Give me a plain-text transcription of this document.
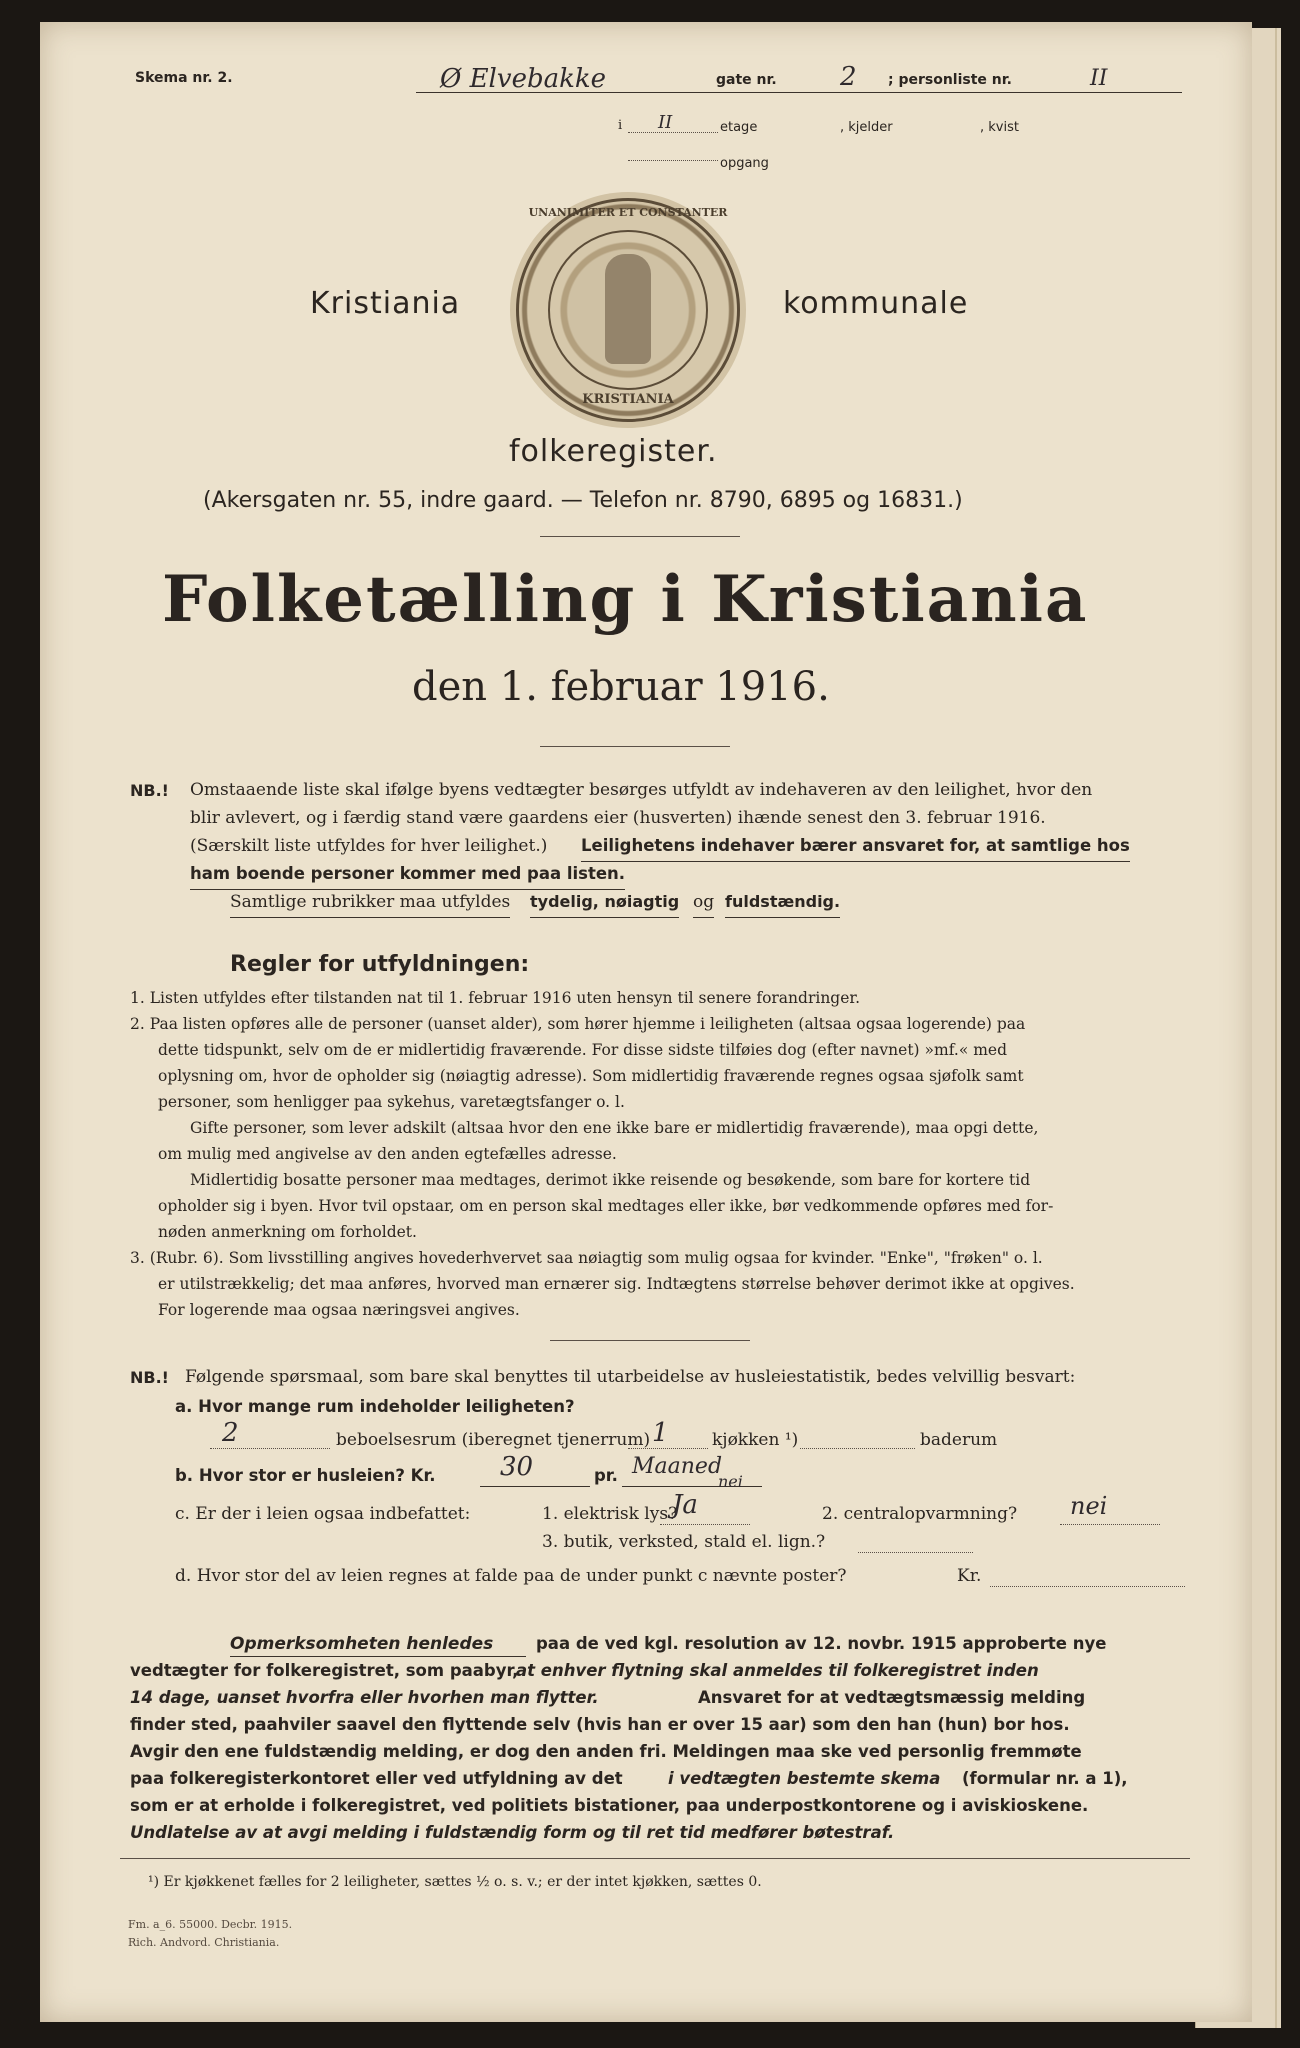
Skema nr. 2.	Ø Elvebakke	gate nr. 2 ; personliste nr.	II
i II	etage	, kjelder	, kvist
opgang
Kristiania
UNANIMITER ET CONSTANTER
KRISTIANIA
kommunale
folkeregister.
(Akersgaten nr. 55, indre gaard. — Telefon nr. 8790, 6895 og 16831.)
Folketælling i Kristiania
den 1. februar 1916.
NB.! Omstaaende liste skal ifølge byens vedtægter besørges utfyldt av indehaveren av den leilighet, hvor den
blir avlevert, og i færdig stand være gaardens eier (husverten) ihænde senest den 3. februar 1916.
(Særskilt liste utfyldes for hver leilighet.) Leilighetens indehaver bærer ansvaret for, at samtlige hos
ham boende personer kommer med paa listen.
Samtlige rubrikker maa utfyldes tydelig, nøiagtig og fuldstændig.
Regler for utfyldningen:
1. Listen utfyldes efter tilstanden nat til 1. februar 1916 uten hensyn til senere forandringer.
2. Paa listen opføres alle de personer (uanset alder), som hører hjemme i leiligheten (altsaa ogsaa logerende) paa
dette tidspunkt, selv om de er midlertidig fraværende. For disse sidste tilføies dog (efter navnet) »mf.« med
oplysning om, hvor de opholder sig (nøiagtig adresse). Som midlertidig fraværende regnes ogsaa sjøfolk samt
personer, som henligger paa sykehus, varetægtsfanger o. l.
Gifte personer, som lever adskilt (altsaa hvor den ene ikke bare er midlertidig fraværende), maa opgi dette,
om mulig med angivelse av den anden egtefælles adresse.
Midlertidig bosatte personer maa medtages, derimot ikke reisende og besøkende, som bare for kortere tid
opholder sig i byen. Hvor tvil opstaar, om en person skal medtages eller ikke, bør vedkommende opføres med for-
nøden anmerkning om forholdet.
3. (Rubr. 6). Som livsstilling angives hovederhvervet saa nøiagtig som mulig ogsaa for kvinder. "Enke", "frøken" o. l.
er utilstrækkelig; det maa anføres, hvorved man ernærer sig. Indtægtens størrelse behøver derimot ikke at opgives.
For logerende maa ogsaa næringsvei angives.
NB.! Følgende spørsmaal, som bare skal benyttes til utarbeidelse av husleiestatistik, bedes velvillig besvart:
a. Hvor mange rum indeholder leiligheten?
2	beboelsesrum (iberegnet tjenerrum) 1	kjøkken ¹)	baderum
b. Hvor stor er husleien? Kr. 30	pr. Maaned
c. Er der i leien ogsaa indbefattet:	1. elektrisk lys?
Ja
nei
2. centralopvarmning? nei
3. butik, verksted, stald el. lign.?
d. Hvor stor del av leien regnes at falde paa de under punkt c nævnte poster?	Kr.
Opmerksomheten henledes	paa de ved kgl. resolution av 12. novbr. 1915 approberte nye
vedtægter for folkeregistret, som paabyr,
at enhver flytning skal anmeldes til folkeregistret inden
14 dage, uanset hvorfra eller hvorhen man flytter.	Ansvaret for at vedtægtsmæssig melding
finder sted, paahviler saavel den flyttende selv (hvis han er over 15 aar) som den han (hun) bor hos.
Avgir den ene fuldstændig melding, er dog den anden fri. Meldingen maa ske ved personlig fremmøte
paa folkeregisterkontoret eller ved utfyldning av det	i vedtægten bestemte skema (formular nr. a 1),
som er at erholde i folkeregistret, ved politiets bistationer, paa underpostkontorene og i aviskioskene.
Undlatelse av at avgi melding i fuldstændig form og til ret tid medfører bøtestraf.
¹) Er kjøkkenet fælles for 2 leiligheter, sættes ½ o. s. v.; er der intet kjøkken, sættes 0.
Fm. a_6. 55000. Decbr. 1915.
Rich. Andvord. Christiania.
